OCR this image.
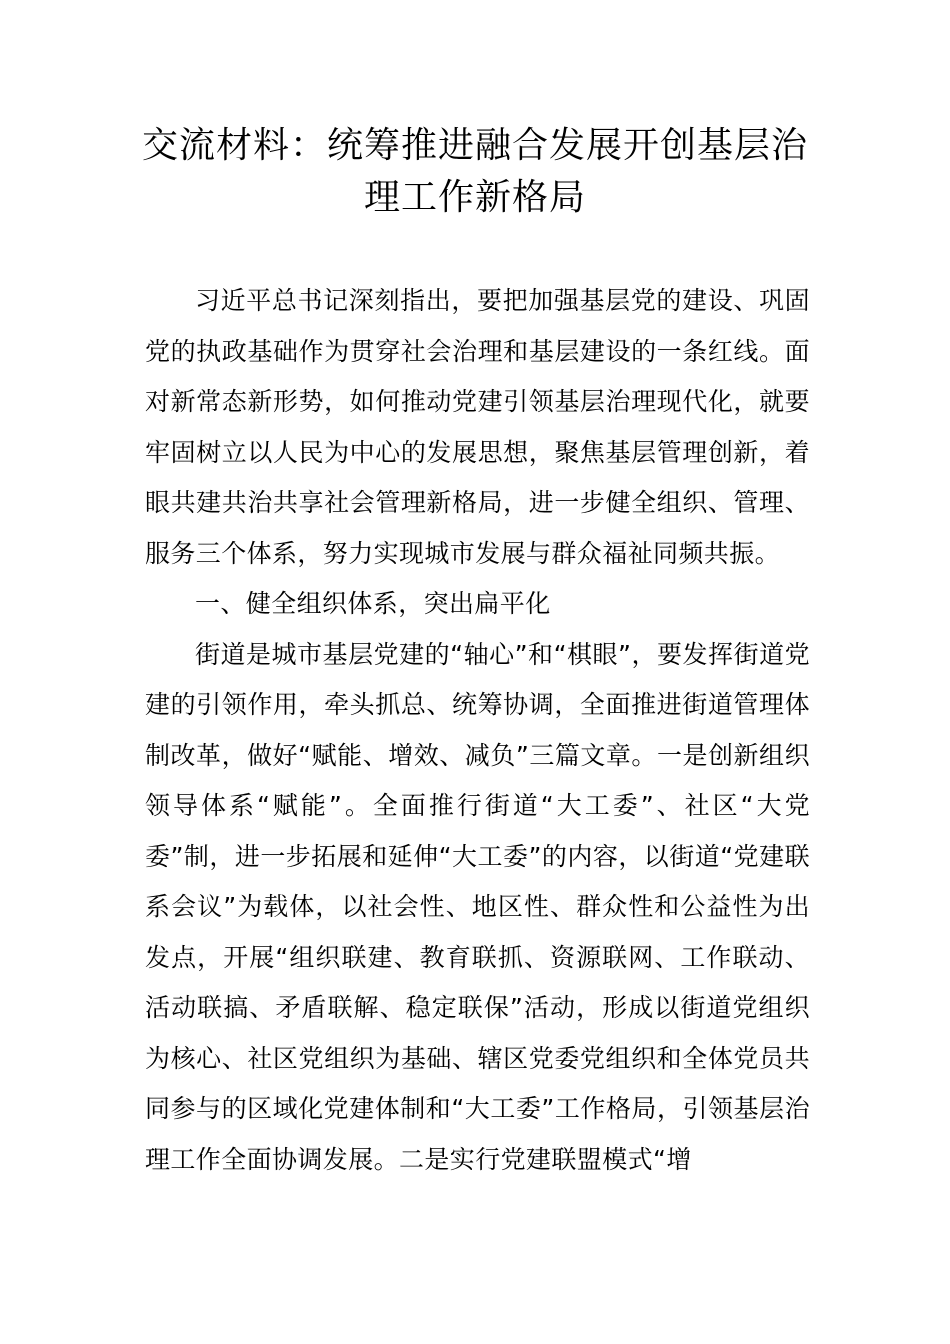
交流材料：统筹推进融合发展开创基层治
理工作新格局

习近平总书记深刻指出，要把加强基层党的建设、巩固党的执政基础作为贯穿社会治理和基层建设的一条红线。面对新常态新形势，如何推动党建引领基层治理现代化，就要牢固树立以人民为中心的发展思想，聚焦基层管理创新，着眼共建共治共享社会管理新格局，进一步健全组织、管理、服务三个体系，努力实现城市发展与群众福祉同频共振。

一、健全组织体系，突出扁平化

街道是城市基层党建的“轴心”和“棋眼”，要发挥街道党建的引领作用，牵头抓总、统筹协调，全面推进街道管理体制改革，做好“赋能、增效、减负”三篇文章。一是创新组织领导体系“赋能”。全面推行街道“大工委”、社区“大党委”制，进一步拓展和延伸“大工委”的内容，以街道“党建联系会议”为载体，以社会性、地区性、群众性和公益性为出发点，开展“组织联建、教育联抓、资源联网、工作联动、活动联搞、矛盾联解、稳定联保”活动，形成以街道党组织为核心、社区党组织为基础、辖区党委党组织和全体党员共同参与的区域化党建体制和“大工委”工作格局，引领基层治理工作全面协调发展。二是实行党建联盟模式“增
